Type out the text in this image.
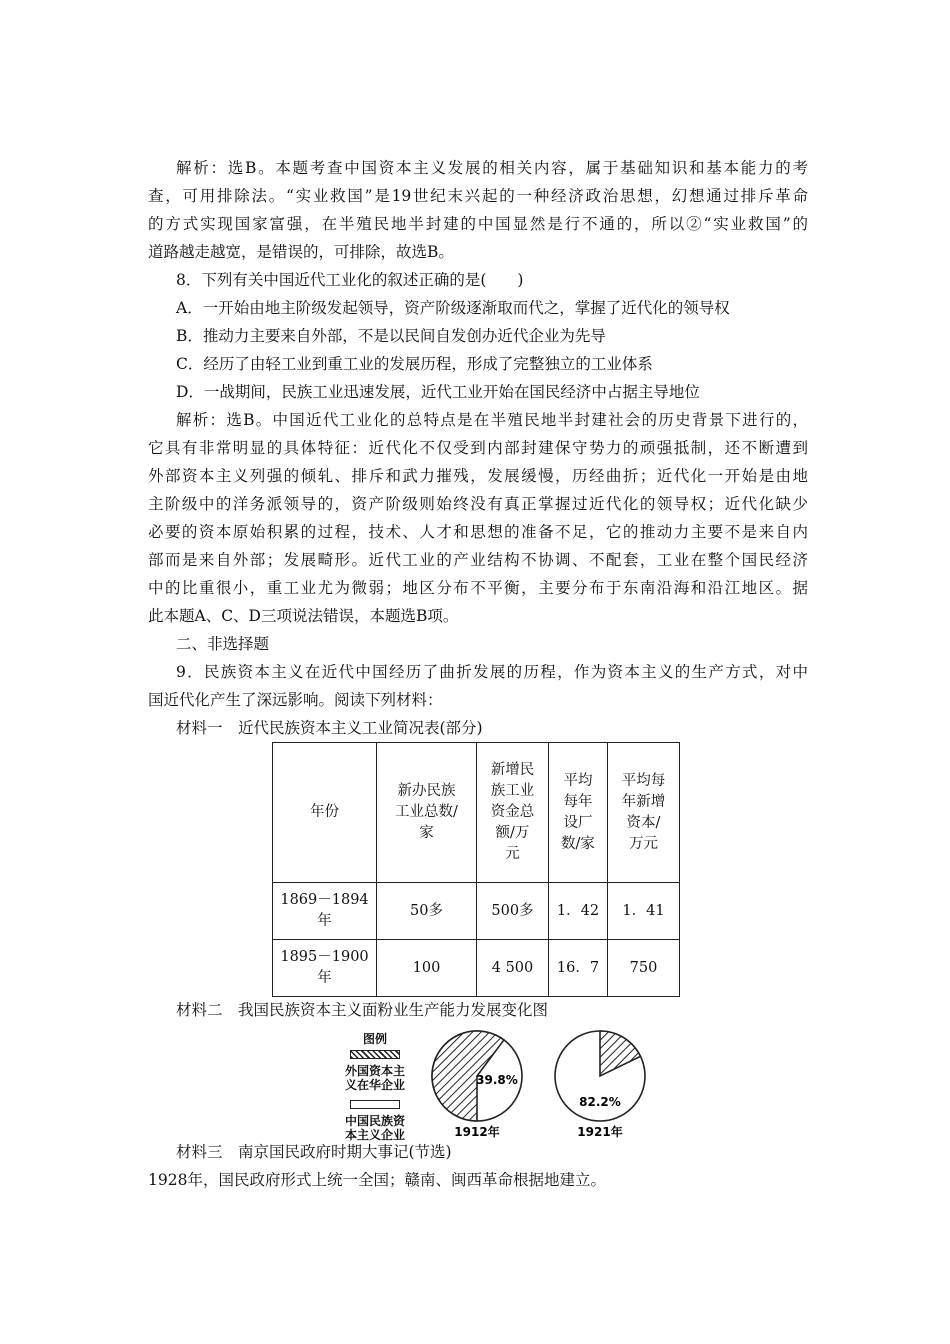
解析：选B。本题考查中国资本主义发展的相关内容，属于基础知识和基本能力的考
查，可用排除法。“实业救国”是19世纪末兴起的一种经济政治思想，幻想通过排斥革命
的方式实现国家富强，在半殖民地半封建的中国显然是行不通的，所以②“实业救国”的
道路越走越宽，是错误的，可排除，故选B。
8．下列有关中国近代工业化的叙述正确的是(　　)
A．一开始由地主阶级发起领导，资产阶级逐渐取而代之，掌握了近代化的领导权
B．推动力主要来自外部，不是以民间自发创办近代企业为先导
C．经历了由轻工业到重工业的发展历程，形成了完整独立的工业体系
D．一战期间，民族工业迅速发展，近代工业开始在国民经济中占据主导地位
解析：选B。中国近代工业化的总特点是在半殖民地半封建社会的历史背景下进行的，
它具有非常明显的具体特征：近代化不仅受到内部封建保守势力的顽强抵制，还不断遭到
外部资本主义列强的倾轧、排斥和武力摧残，发展缓慢，历经曲折；近代化一开始是由地
主阶级中的洋务派领导的，资产阶级则始终没有真正掌握过近代化的领导权；近代化缺少
必要的资本原始积累的过程，技术、人才和思想的准备不足，它的推动力主要不是来自内
部而是来自外部；发展畸形。近代工业的产业结构不协调、不配套，工业在整个国民经济
中的比重很小，重工业尤为微弱；地区分布不平衡，主要分布于东南沿海和沿江地区。据
此本题A、C、D三项说法错误，本题选B项。
二、非选择题
9．民族资本主义在近代中国经历了曲折发展的历程，作为资本主义的生产方式，对中
国近代化产生了深远影响。阅读下列材料：
材料一　近代民族资本主义工业简况表(部分)
年份	新办民族
工业总数/
家	新增民
族工业
资金总
额/万
元	平均
每年
设厂
数/家	平均每
年新增
资本/
万元

1869－1894
年	50多	500多	1．42	1．41

1895－1900
年	100	4 500	16．7	750
材料二　我国民族资本主义面粉业生产能力发展变化图
图例
外国资本主
义在华企业
中国民族资
本主义企业
39.8%
1912年
82.2%
1921年
材料三　南京国民政府时期大事记(节选)
1928年，国民政府形式上统一全国；赣南、闽西革命根据地建立。
